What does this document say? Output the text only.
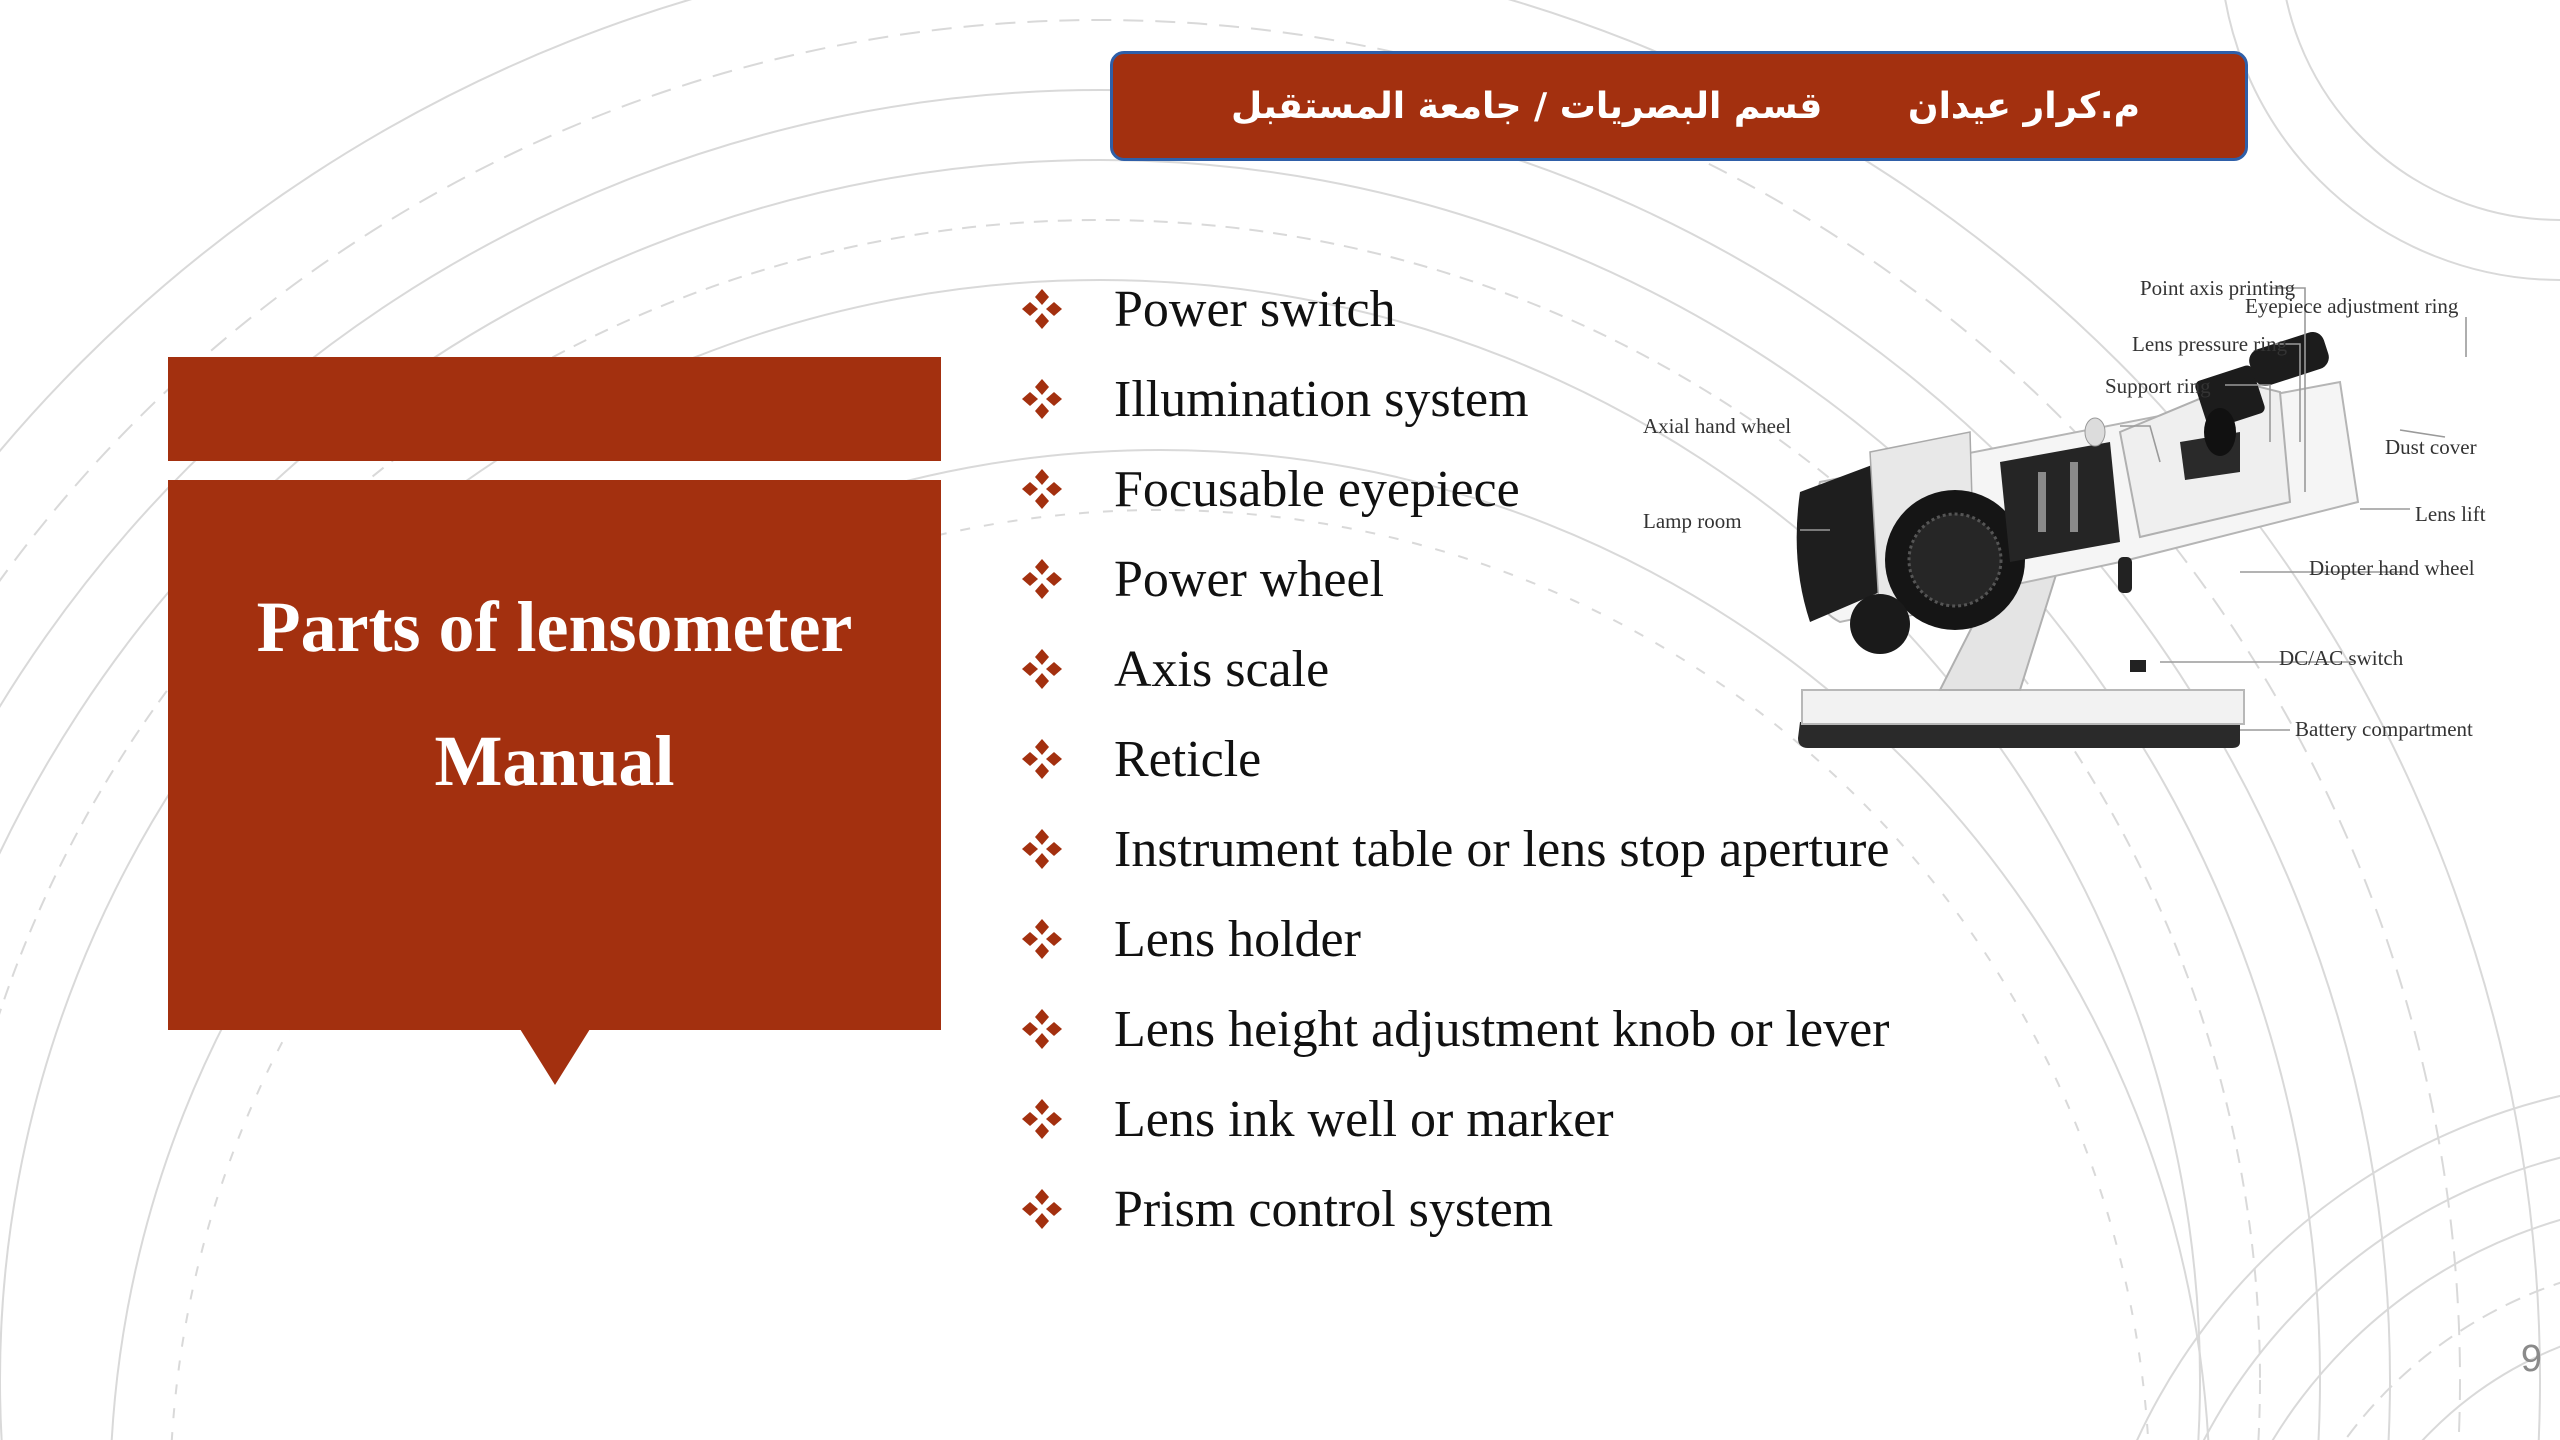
قسم البصريات / جامعة المستقبل م.كرار عيدان
Parts of lensometer
Manual
Power switch
Illumination system
Focusable eyepiece
Power wheel
Axis scale
Reticle
Instrument table or lens stop aperture
Lens holder
Lens height adjustment knob or lever
Lens ink well or marker
Prism control system
Point axis printing
Eyepiece adjustment ring
Lens pressure ring
Support ring
Axial hand wheel
Dust cover
Lamp room	Lens lift
Diopter hand wheel
DC/AC switch
Battery compartment
9
